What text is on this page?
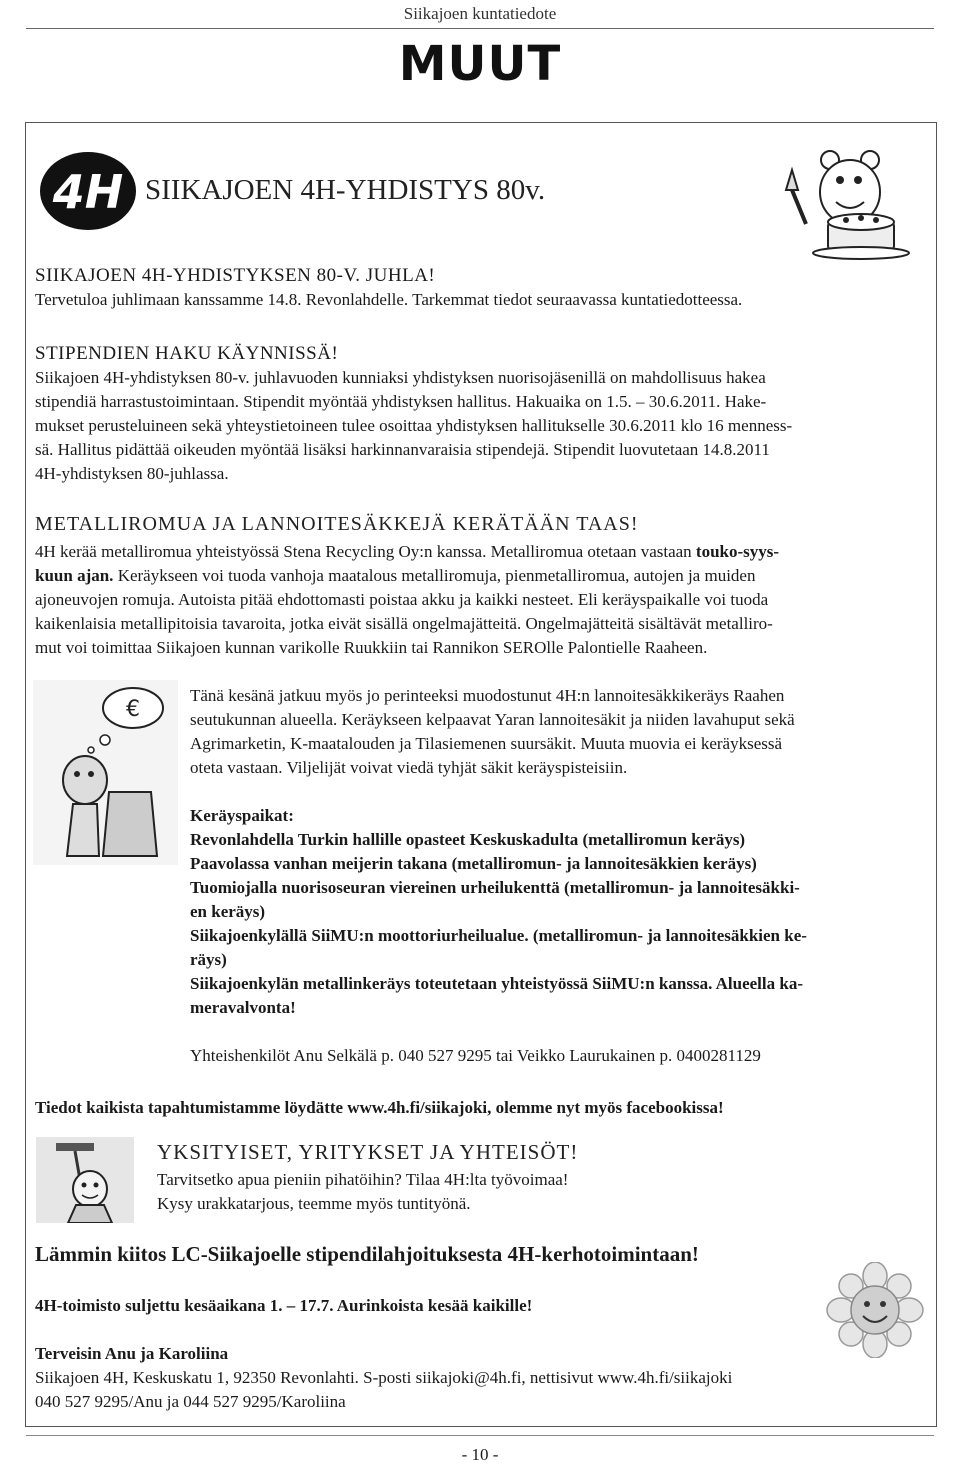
Siikajoen kuntatiedote
MUUT
4H SIIKAJOEN 4H-YHDISTYS 80v.
SIIKAJOEN 4H-YHDISTYKSEN 80-V. JUHLA!
Tervetuloa juhlimaan kanssamme 14.8. Revonlahdelle. Tarkemmat tiedot seuraavassa kuntatiedotteessa.
STIPENDIEN HAKU KÄYNNISSÄ!
Siikajoen 4H-yhdistyksen 80-v. juhlavuoden kunniaksi yhdistyksen nuorisojäsenillä on mahdollisuus hakea
stipendiä harrastustoimintaan. Stipendit myöntää yhdistyksen hallitus. Hakuaika on 1.5. – 30.6.2011. Hake-
mukset perusteluineen sekä yhteystietoineen tulee osoittaa yhdistyksen hallitukselle 30.6.2011 klo 16 menness-
sä. Hallitus pidättää oikeuden myöntää lisäksi harkinnanvaraisia stipendejä. Stipendit luovutetaan 14.8.2011
4H-yhdistyksen 80-juhlassa.
METALLIROMUA JA LANNOITESÄKKEJÄ KERÄTÄÄN TAAS!
4H kerää metalliromua yhteistyössä Stena Recycling Oy:n kanssa. Metalliromua otetaan vastaan touko-syys-
kuun ajan. Keräykseen voi tuoda vanhoja maatalous metalliromuja, pienmetalliromua, autojen ja muiden
ajoneuvojen romuja. Autoista pitää ehdottomasti poistaa akku ja kaikki nesteet. Eli keräyspaikalle voi tuoda
kaikenlaisia metallipitoisia tavaroita, jotka eivät sisällä ongelmajätteitä. Ongelmajätteitä sisältävät metalliro-
mut voi toimittaa Siikajoen kunnan varikolle Ruukkiin tai Rannikon SEROlle Palontielle Raaheen.
€
Tänä kesänä jatkuu myös jo perinteeksi muodostunut 4H:n lannoitesäkkikeräys Raahen
seutukunnan alueella. Keräykseen kelpaavat Yaran lannoitesäkit ja niiden lavahuput sekä
Agrimarketin, K-maatalouden ja Tilasiemenen suursäkit. Muuta muovia ei keräyksessä
oteta vastaan. Viljelijät voivat viedä tyhjät säkit keräyspisteisiin.
Keräyspaikat:
Revonlahdella Turkin hallille opasteet Keskuskadulta (metalliromun keräys)
Paavolassa vanhan meijerin takana (metalliromun- ja lannoitesäkkien keräys)
Tuomiojalla nuorisoseuran viereinen urheilukenttä (metalliromun- ja lannoitesäkki-
en keräys)
Siikajoenkylällä SiiMU:n moottoriurheilualue. (metalliromun- ja lannoitesäkkien ke-
räys)
Siikajoenkylän metallinkeräys toteutetaan yhteistyössä SiiMU:n kanssa. Alueella ka-
meravalvonta!
Yhteishenkilöt Anu Selkälä p. 040 527 9295 tai Veikko Laurukainen p. 0400281129
Tiedot kaikista tapahtumistamme löydätte www.4h.fi/siikajoki, olemme nyt myös facebookissa!
YKSITYISET, YRITYKSET JA YHTEISÖT!
Tarvitsetko apua pieniin pihatöihin? Tilaa 4H:lta työvoimaa!
Kysy urakkatarjous, teemme myös tuntityönä.
Lämmin kiitos LC-Siikajoelle stipendilahjoituksesta 4H-kerhotoimintaan!
4H-toimisto suljettu kesäaikana 1. – 17.7. Aurinkoista kesää kaikille!
Terveisin Anu ja Karoliina
Siikajoen 4H, Keskuskatu 1, 92350 Revonlahti. S-posti siikajoki@4h.fi, nettisivut www.4h.fi/siikajoki
040 527 9295/Anu ja 044 527 9295/Karoliina
- 10 -
